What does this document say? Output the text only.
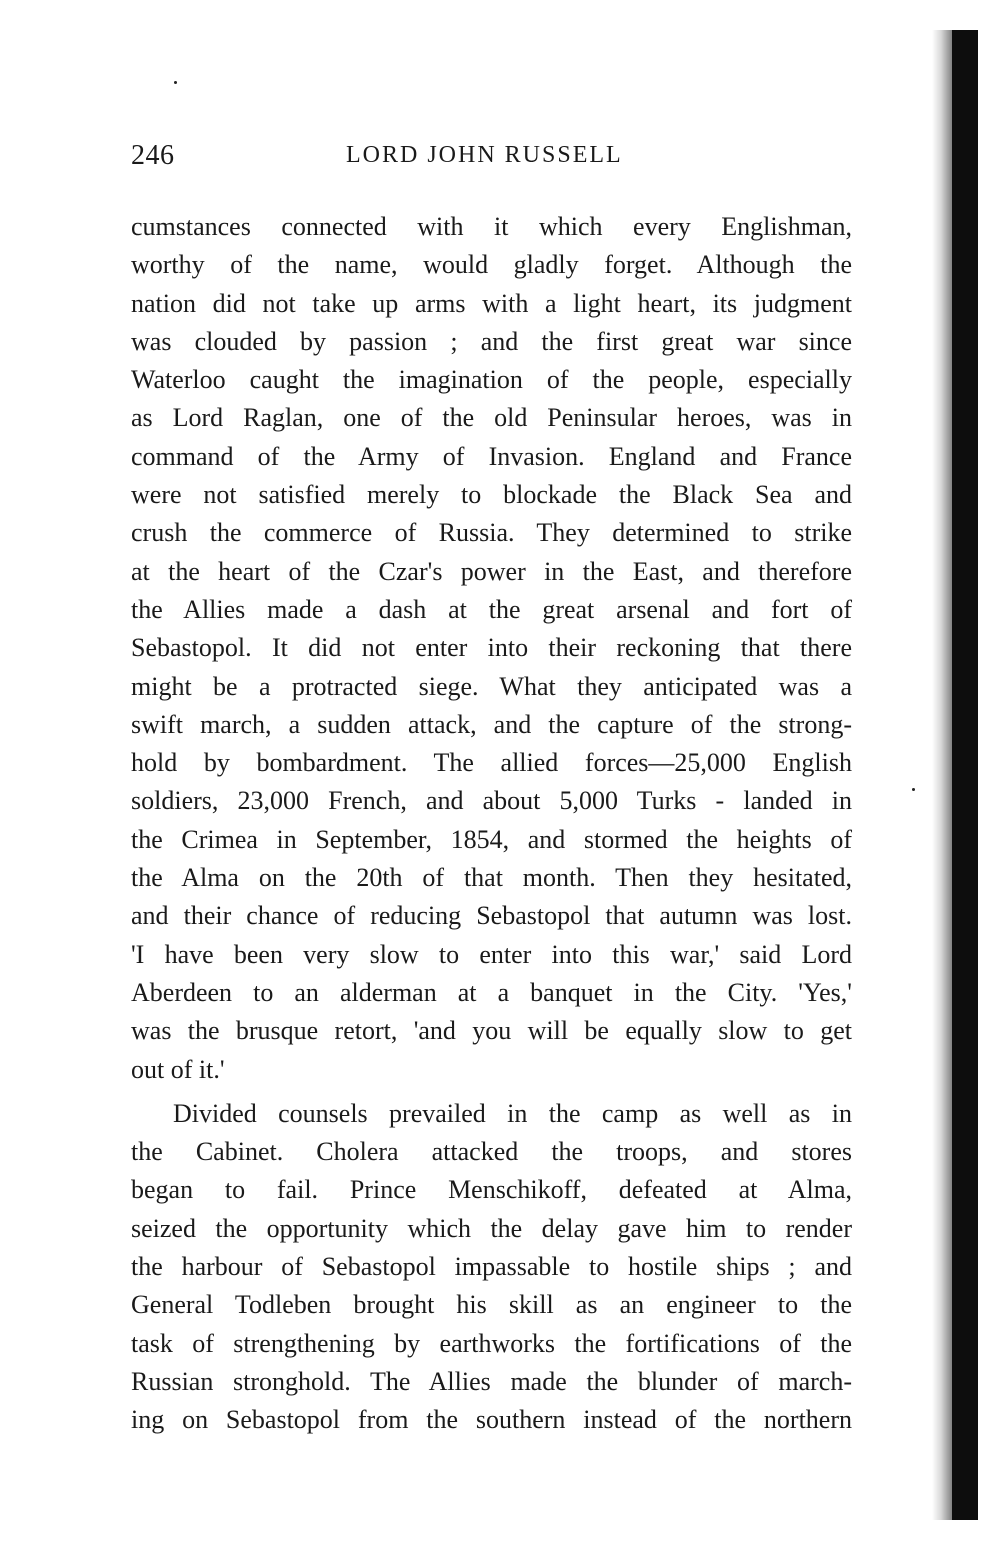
246	LORD JOHN RUSSELL
cumstances connected with it which every Englishman,
worthy of the name, would gladly forget. Although the
nation did not take up arms with a light heart, its judgment
was clouded by passion ; and the first great war since
Waterloo caught the imagination of the people, especially
as Lord Raglan, one of the old Peninsular heroes, was in
command of the Army of Invasion. England and France
were not satisfied merely to blockade the Black Sea and
crush the commerce of Russia. They determined to strike
at the heart of the Czar's power in the East, and therefore
the Allies made a dash at the great arsenal and fort of
Sebastopol. It did not enter into their reckoning that there
might be a protracted siege. What they anticipated was a
swift march, a sudden attack, and the capture of the strong-
hold by bombardment. The allied forces—25,000 English
soldiers, 23,000 French, and about 5,000 Turks - landed in
the Crimea in September, 1854, and stormed the heights of
the Alma on the 20th of that month. Then they hesitated,
and their chance of reducing Sebastopol that autumn was lost.
'I have been very slow to enter into this war,' said Lord
Aberdeen to an alderman at a banquet in the City. 'Yes,'
was the brusque retort, 'and you will be equally slow to get
out of it.'
Divided counsels prevailed in the camp as well as in
the Cabinet. Cholera attacked the troops, and stores
began to fail. Prince Menschikoff, defeated at Alma,
seized the opportunity which the delay gave him to render
the harbour of Sebastopol impassable to hostile ships ; and
General Todleben brought his skill as an engineer to the
task of strengthening by earthworks the fortifications of the
Russian stronghold. The Allies made the blunder of march-
ing on Sebastopol from the southern instead of the northern
